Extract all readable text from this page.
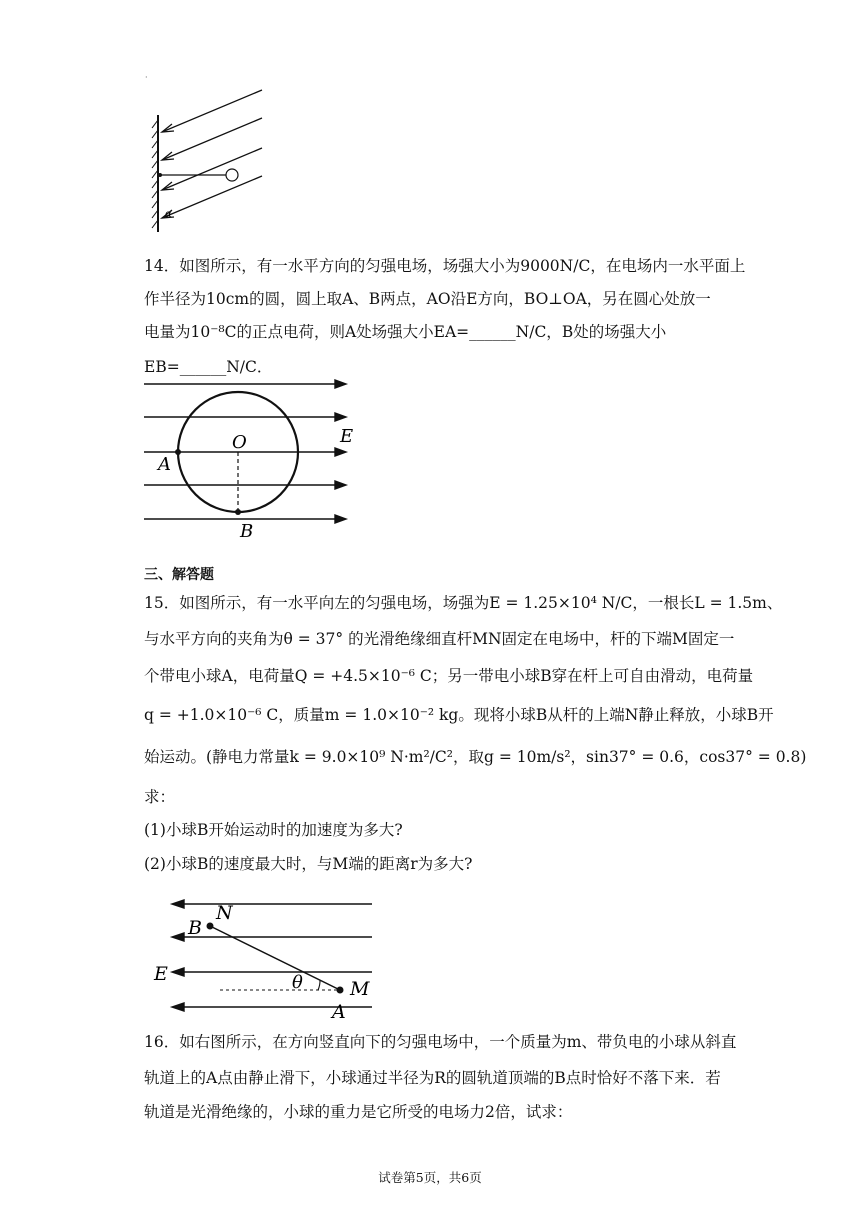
α
·
14．如图所示，有一水平方向的匀强电场，场强大小为9000N/C，在电场内一水平面上
作半径为10cm的圆，圆上取A、B两点，AO沿E方向，BO⊥OA，另在圆心处放一
电量为10⁻⁸C的正点电荷，则A处场强大小EA=______N/C，B处的场强大小
EB=______N/C．
O	E
A
B
三、解答题
15．如图所示，有一水平向左的匀强电场，场强为E = 1.25×10⁴ N/C，一根长L = 1.5m、
与水平方向的夹角为θ = 37° 的光滑绝缘细直杆MN固定在电场中，杆的下端M固定一
个带电小球A，电荷量Q = +4.5×10⁻⁶ C；另一带电小球B穿在杆上可自由滑动，电荷量
q = +1.0×10⁻⁶ C，质量m = 1.0×10⁻² kg。现将小球B从杆的上端N静止释放，小球B开
始运动。(静电力常量k = 9.0×10⁹ N·m²/C²，取g = 10m/s²，sin37° = 0.6，cos37° = 0.8)
求：
(1)小球B开始运动时的加速度为多大?
(2)小球B的速度最大时，与M端的距离r为多大?
B
N
E	θ M
A
16．如右图所示，在方向竖直向下的匀强电场中，一个质量为m、带负电的小球从斜直
轨道上的A点由静止滑下，小球通过半径为R的圆轨道顶端的B点时恰好不落下来．若
轨道是光滑绝缘的，小球的重力是它所受的电场力2倍，试求：
试卷第5页，共6页
